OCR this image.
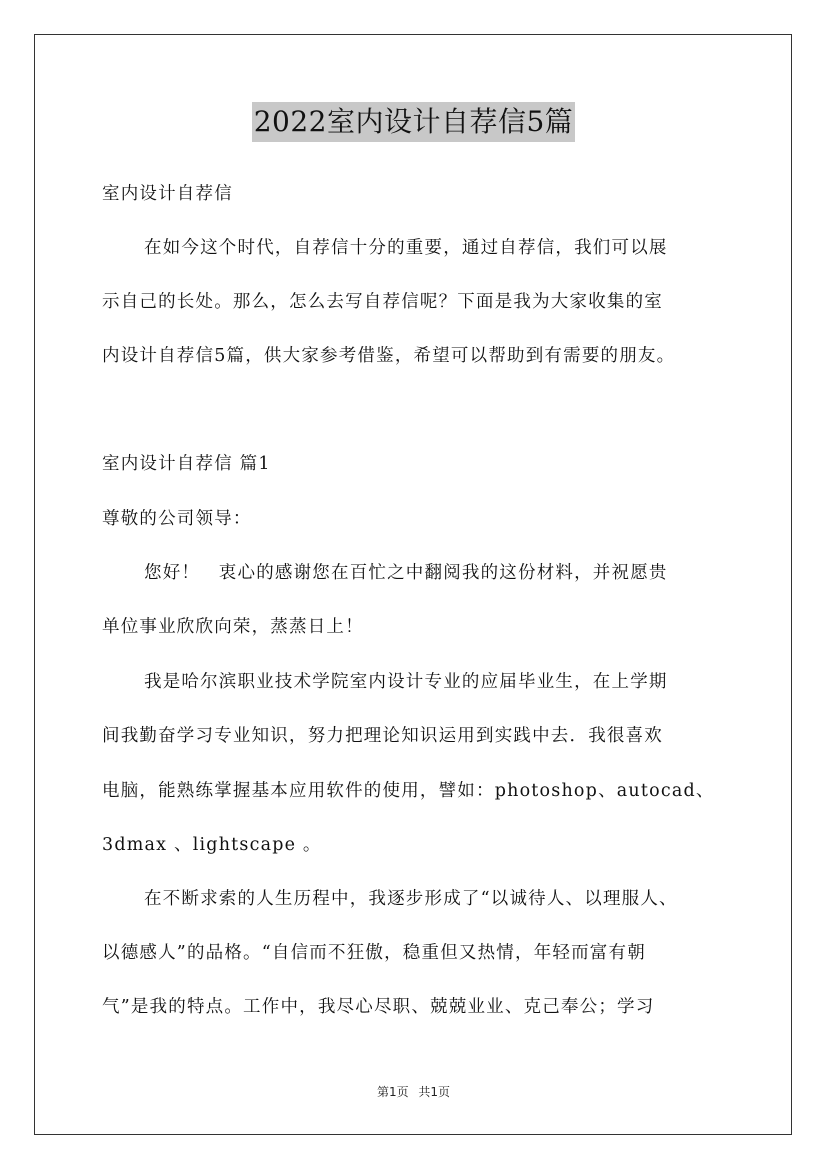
2022室内设计自荐信5篇
室内设计自荐信
在如今这个时代，自荐信十分的重要，通过自荐信，我们可以展
示自己的长处。那么，怎么去写自荐信呢？下面是我为大家收集的室
内设计自荐信5篇，供大家参考借鉴，希望可以帮助到有需要的朋友。
室内设计自荐信 篇1
尊敬的公司领导：
您好！　衷心的感谢您在百忙之中翻阅我的这份材料，并祝愿贵
单位事业欣欣向荣，蒸蒸日上！
我是哈尔滨职业技术学院室内设计专业的应届毕业生，在上学期
间我勤奋学习专业知识，努力把理论知识运用到实践中去．我很喜欢
电脑，能熟练掌握基本应用软件的使用，譬如：photoshop、autocad、
3dmax 、lightscape 。
在不断求索的人生历程中，我逐步形成了“以诚待人、以理服人、
以德感人”的品格。“自信而不狂傲，稳重但又热情，年轻而富有朝
气”是我的特点。工作中，我尽心尽职、兢兢业业、克己奉公；学习
第1页 共1页
